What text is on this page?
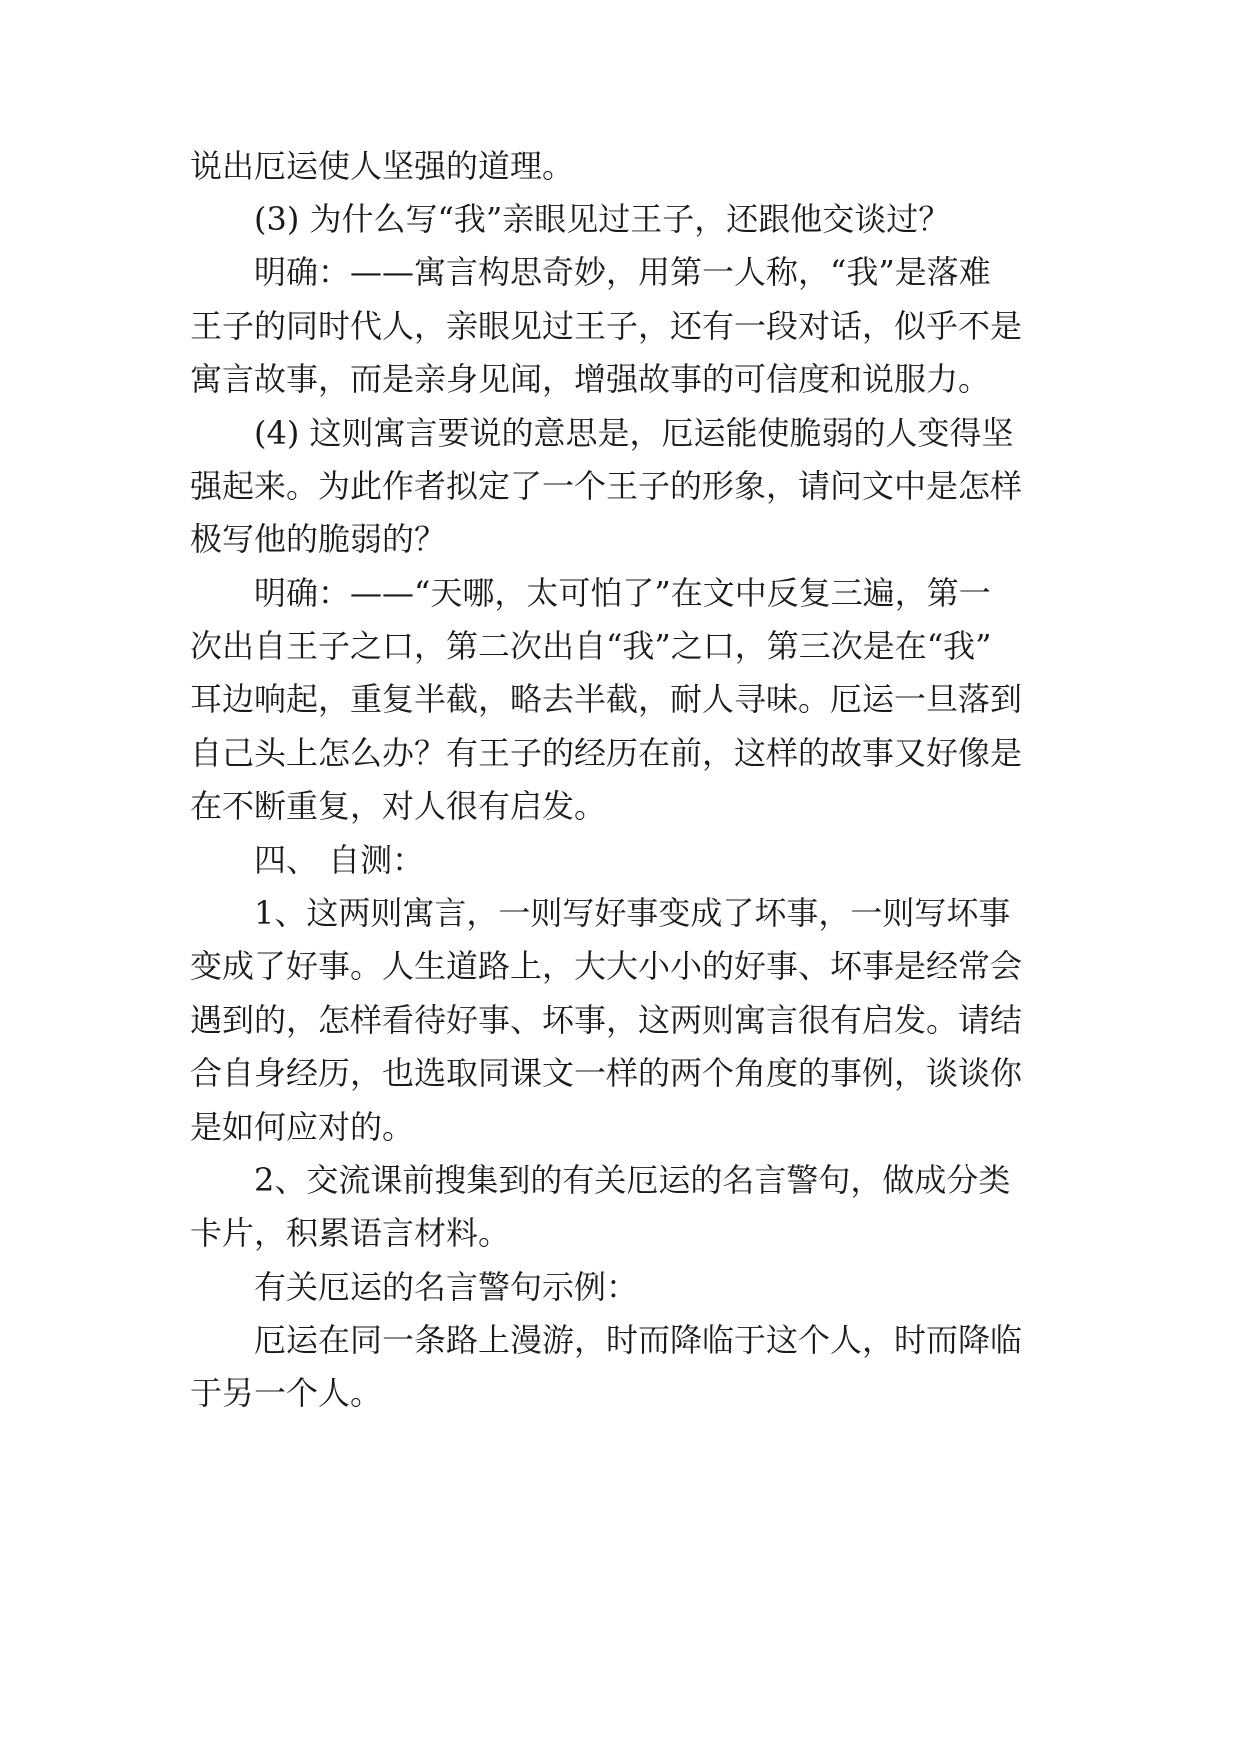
说出厄运使人坚强的道理。
(3) 为什么写“我”亲眼见过王子，还跟他交谈过？
明确：——寓言构思奇妙，用第一人称，“我”是落难
王子的同时代人，亲眼见过王子，还有一段对话，似乎不是
寓言故事，而是亲身见闻，增强故事的可信度和说服力。
(4) 这则寓言要说的意思是，厄运能使脆弱的人变得坚
强起来。为此作者拟定了一个王子的形象，请问文中是怎样
极写他的脆弱的？
明确：——“天哪，太可怕了”在文中反复三遍，第一
次出自王子之口，第二次出自“我”之口，第三次是在“我”
耳边响起，重复半截，略去半截，耐人寻味。厄运一旦落到
自己头上怎么办？有王子的经历在前，这样的故事又好像是
在不断重复，对人很有启发。
四、 自测：
1、这两则寓言，一则写好事变成了坏事，一则写坏事
变成了好事。人生道路上，大大小小的好事、坏事是经常会
遇到的，怎样看待好事、坏事，这两则寓言很有启发。请结
合自身经历，也选取同课文一样的两个角度的事例，谈谈你
是如何应对的。
2、交流课前搜集到的有关厄运的名言警句，做成分类
卡片，积累语言材料。
有关厄运的名言警句示例：
厄运在同一条路上漫游，时而降临于这个人，时而降临
于另一个人。
